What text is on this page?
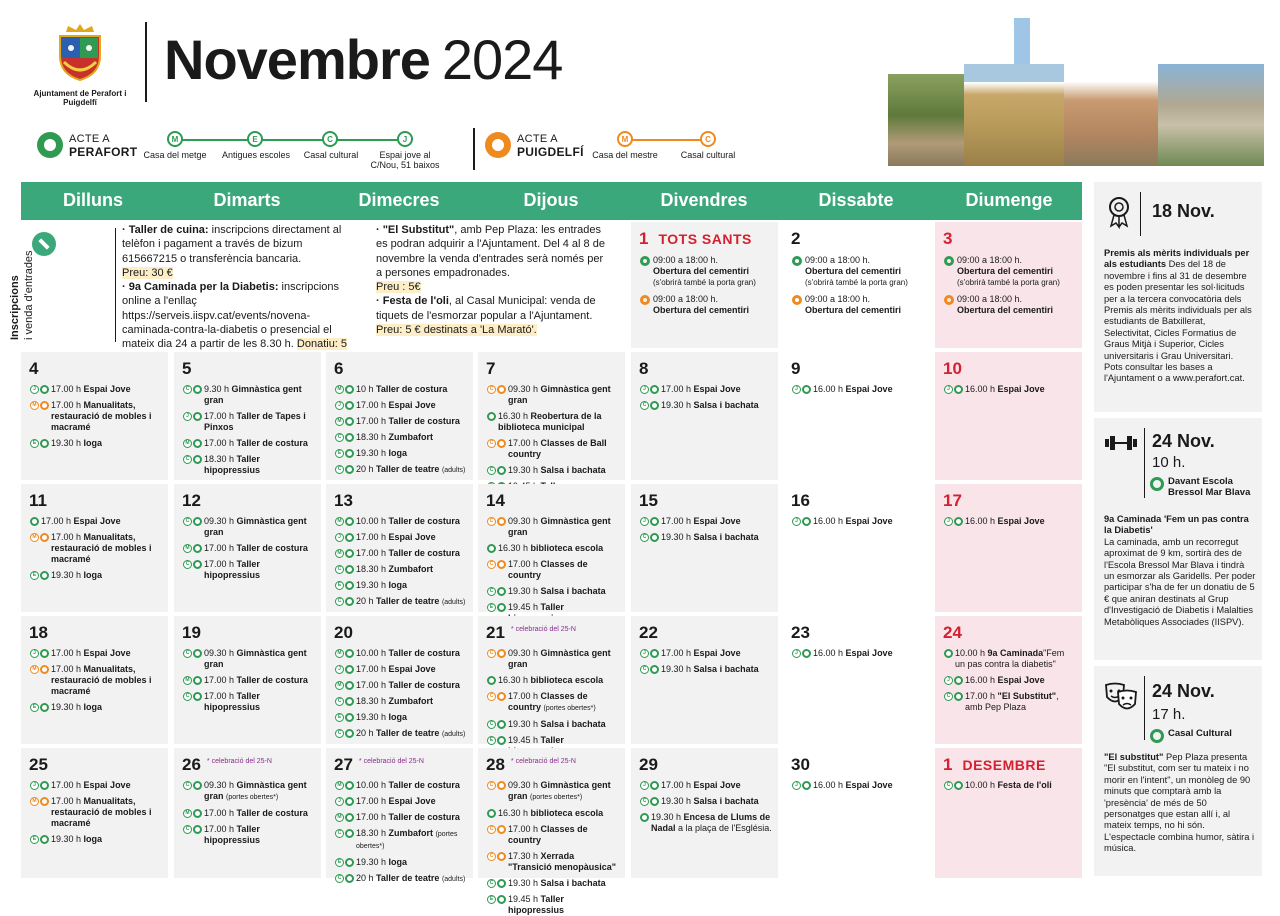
Ajuntament de Perafort i Puigdelfí
Novembre 2024
ACTE A
PERAFORT
M	E	C	J
Casa del metge	Antigues escoles	Casal cultural	Espai jove al C/Nou, 51 baixos
ACTE A
PUIGDELFÍ
M	C
Casa del mestre	Casal cultural
Dilluns	Dimarts	Dimecres	Dijous	Divendres	Dissabte	Diumenge
Inscripcions i venda d'entrades
· Taller de cuina: inscripcions directament al telèfon i pagament a través de bizum 615667215 o transferència bancaria.
Preu: 30 €
· 9a Caminada per la Diabetis: inscripcions online a l'enllaç https://serveis.iispv.cat/events/novena-caminada-contra-la-diabetis o presencial el mateix dia 24 a partir de les 8.30 h. Donatiu: 5
· "El Substitut", amb Pep Plaza: les entrades es podran adquirir a l'Ajuntament. Del 4 al 8 de novembre la venda d'entrades serà només per a persones empadronades.
Preu : 5€
· Festa de l'oli, al Casal Municipal: venda de tiquets de l'esmorzar popular a l'Ajuntament.
Preu: 5 € destinats a 'La Marató'.
1 TOTS SANTS
09:00 a 18:00 h.
Obertura del cementiri
(s'obrirà també la porta gran)
09:00 a 18:00 h.
Obertura del cementiri
2
09:00 a 18:00 h.
Obertura del cementiri
(s'obrirà també la porta gran)
09:00 a 18:00 h.
Obertura del cementiri
3
09:00 a 18:00 h.
Obertura del cementiri
(s'obrirà també la porta gran)
09:00 a 18:00 h.
Obertura del cementiri
4
J	17.00 h Espai Jove
M 17.00 h Manualitats, restauració de mobles i macramé
E	19.30 h Ioga
5
C 9.30 h Gimnàstica gent gran
J	17.00 h Taller de Tapes i Pinxos
M 17.00 h Taller de costura
C 18.30 h Taller hipopressius
6
M 10 h Taller de costura
J	17.00 h Espai Jove
M 17.00 h Taller de costura
C 18.30 h Zumbafort
E	19.30 h Ioga
C 20 h Taller de teatre (adults)
7
C 09.30 h Gimnàstica gent gran
16.30 h Reobertura de la biblioteca municipal
C 17.00 h Classes de Ball country
C 19.30 h Salsa i bachata
8
J	17.00 h Espai Jove
C 19.30 h Salsa i bachata
9
J	16.00 h Espai Jove
10
J	16.00 h Espai Jove
11
17.00 h Espai Jove
M 17.00 h Manualitats, restauració de mobles i macramé
E	19.30 h Ioga
12
C 09.30 h Gimnàstica gent gran
M 17.00 h Taller de costura
C 17.00 h Taller hipopressius
13
M 10.00 h Taller de costura
J	17.00 h Espai Jove
M 17.00 h Taller de costura
C 18.30 h Zumbafort
E	19.30 h Ioga
C 20 h Taller de teatre (adults)
14
C 09.30 h Gimnàstica gent gran
16.30 h biblioteca escola
C 17.00 h Classes de country
C 19.30 h Salsa i bachata
E	19.45 h Taller
15
J	17.00 h Espai Jove
C 19.30 h Salsa i bachata
16
J	16.00 h Espai Jove
17
J	16.00 h Espai Jove
18
J	17.00 h Espai Jove
M 17.00 h Manualitats, restauració de mobles i macramé
E	19.30 h Ioga
19
C 09.30 h Gimnàstica gent gran
M 17.00 h Taller de costura
C 17.00 h Taller hipopressius
20
M 10.00 h Taller de costura
J	17.00 h Espai Jove
M 17.00 h Taller de costura
C 18.30 h Zumbafort
E	19.30 h Ioga
C 20 h Taller de teatre (adults)
21 * celebració del 25-N
C 09.30 h Gimnàstica gent gran
16.30 h biblioteca escola
C 17.00 h Classes de country (portes obertes*)
C 19.30 h Salsa i bachata
E	19.45 h Taller
22
J	17.00 h Espai Jove
C 19.30 h Salsa i bachata
23
J	16.00 h Espai Jove
24
10.00 h 9a Caminada"Fem un pas contra la diabetis"
J	16.00 h Espai Jove
C 17.00 h "El Substitut", amb Pep Plaza
25
J	17.00 h Espai Jove
M 17.00 h Manualitats, restauració de mobles i macramé
E	19.30 h Ioga
26 * celebració del 25-N
C 09.30 h Gimnàstica gent gran (portes obertes*)
M 17.00 h Taller de costura
C 17.00 h Taller hipopressius
27 * celebració del 25-N
M 10.00 h Taller de costura
J	17.00 h Espai Jove
M 17.00 h Taller de costura
C 18.30 h Zumbafort (portes obertes*)
E	19.30 h Ioga
C 20 h Taller de teatre (adults)
28 * celebració del 25-N
C 09.30 h Gimnàstica gent gran (portes obertes*)
16.30 h biblioteca escola
C 17.00 h Classes de country
C 17.30 h Xerrada "Transició menopàusica"
C 19.30 h Salsa i bachata
E	19.45 h Taller hipopressius
29
J	17.00 h Espai Jove
C 19.30 h Salsa i bachata
19.30 h Encesa de Llums de Nadal a la plaça de l'Església.
30
J	16.00 h Espai Jove
1 DESEMBRE
C 10.00 h Festa de l'oli
18 Nov.
Premis als mèrits individuals per als estudiants Des del 18 de novembre i fins al 31 de desembre es poden presentar les sol·licituds per a la tercera convocatòria dels Premis als mèrits individuals per als estudiants de Batxillerat, Selectivitat, Cicles Formatius de Graus Mitjà i Superior, Cicles universitaris i Grau Universitari. Pots consultar les bases a l'Ajuntament o a www.perafort.cat.
24 Nov.
10 h.
Davant Escola Bressol Mar Blava
9a Caminada 'Fem un pas contra la Diabetis'
La caminada, amb un recorregut aproximat de 9 km, sortirà des de l'Escola Bressol Mar Blava i tindrà un esmorzar als Garidells. Per poder participar s'ha de fer un donatiu de 5 € que aniran destinats al Grup d'Investigació de Diabetis i Malalties Metabòliques Associades (IISPV).
24 Nov.
17 h.
Casal Cultural
"El substitut" Pep Plaza presenta "El substitut, com ser tu mateix i no morir en l'intent", un monòleg de 90 minuts que comptarà amb la 'presència' de més de 50 personatges que estan allí i, al mateix temps, no hi són. L'espectacle combina humor, sàtira i música.
